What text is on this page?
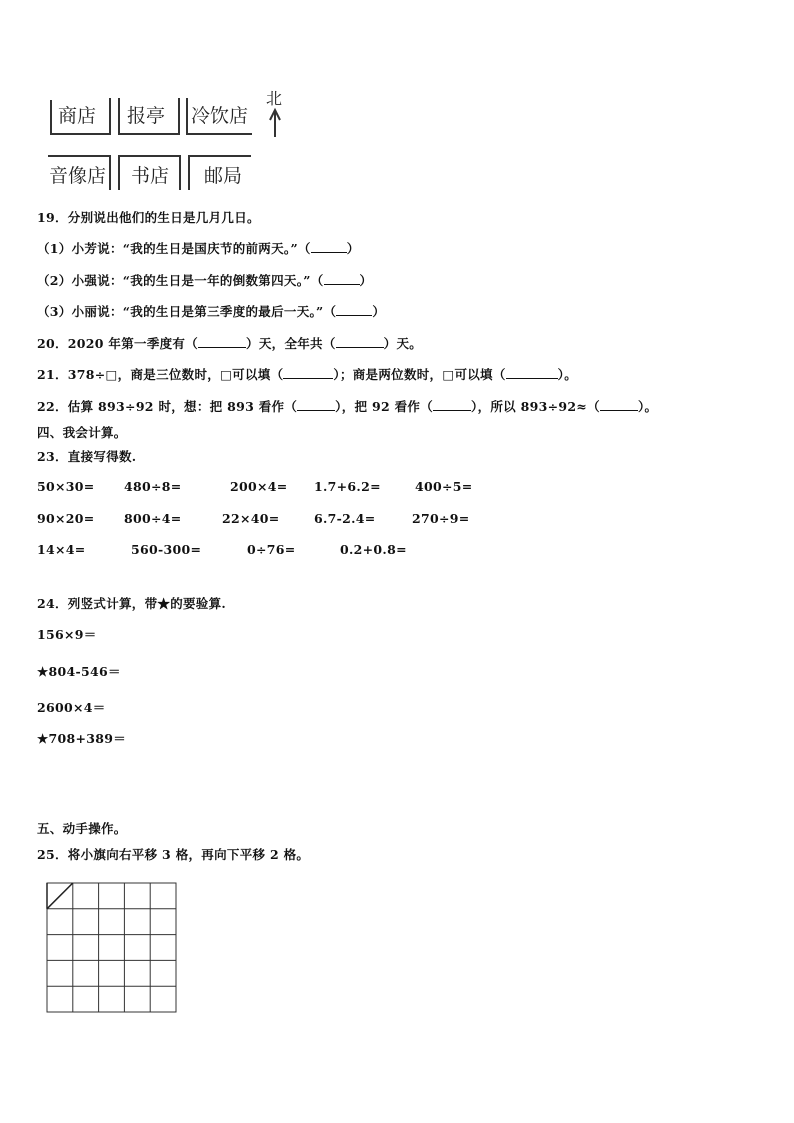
商店 报亭 冷饮店
音像店 书店 邮局
北
19．分别说出他们的生日是几月几日。
（1）小芳说：“我的生日是国庆节的前两天。”（	）
（2）小强说：“我的生日是一年的倒数第四天。”（	）
（3）小丽说：“我的生日是第三季度的最后一天。”（	）
20．2020 年第一季度有（	）天，全年共（	）天。
21．378÷□，商是三位数时，□可以填（	）；商是两位数时，□可以填（	）。
22．估算 893÷92 时，想：把 893 看作（	），把 92 看作（	），所以 893÷92≈（	）。
四、我会计算。
23．直接写得数.
50×30= 480÷8=	200×4= 1.7+6.2=	400÷5=
90×20= 800÷4=	22×40=	6.7-2.4=	270÷9=
14×4=	560-300=	0÷76=	0.2+0.8=
24．列竖式计算，带★的要验算.
156×9＝
★804-546＝
2600×4＝
★708+389＝
五、动手操作。
25．将小旗向右平移 3 格，再向下平移 2 格。
